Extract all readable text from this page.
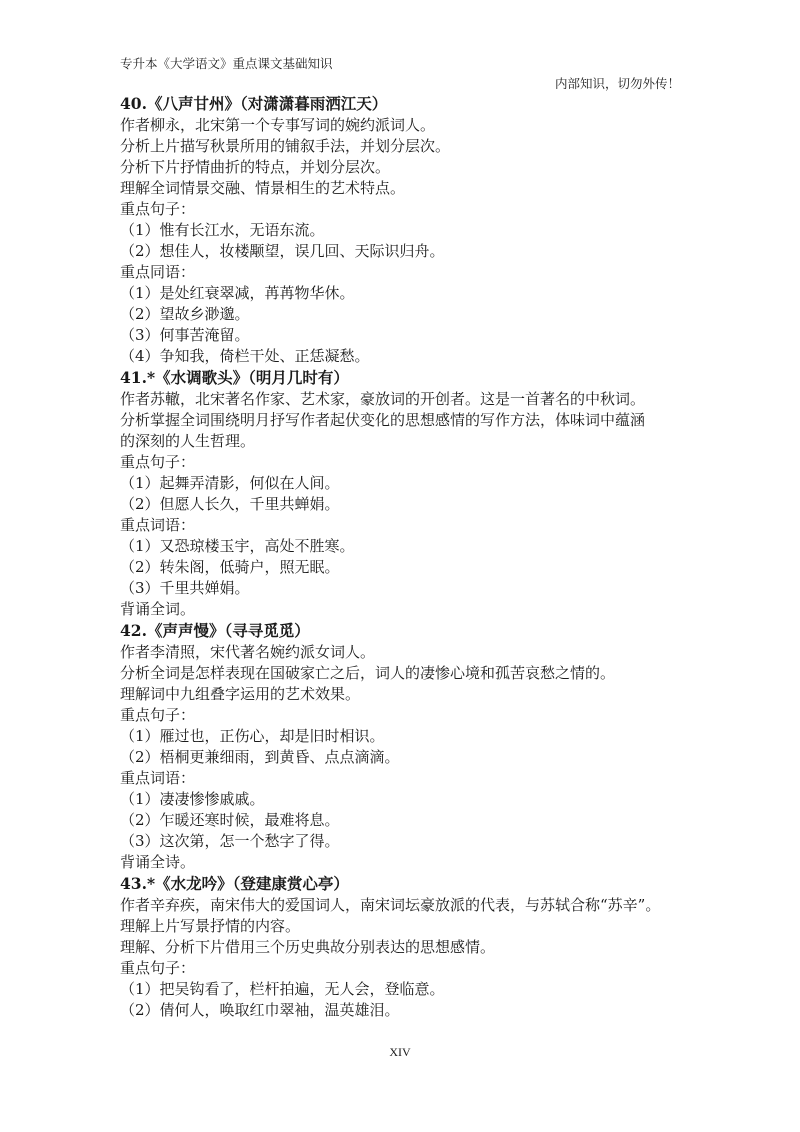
专升本《大学语文》重点课文基础知识
内部知识，切勿外传！
40.《八声甘州》（对潇潇暮雨洒江天）
作者柳永，北宋第一个专事写词的婉约派词人。
分析上片描写秋景所用的铺叙手法，并划分层次。
分析下片抒情曲折的特点，并划分层次。
理解全词情景交融、情景相生的艺术特点。
重点句子：
（1）惟有长江水，无语东流。
（2）想佳人，妆楼颙望，误几回、天际识归舟。
重点同语：
（1）是处红衰翠减，苒苒物华休。
（2）望故乡渺邈。
（3）何事苦淹留。
（4）争知我，倚栏干处、正恁凝愁。
41.*《水调歌头》（明月几时有）
作者苏轍，北宋著名作家、艺术家，豪放词的开创者。这是一首著名的中秋词。
分析掌握全词围绕明月抒写作者起伏变化的思想感情的写作方法，体味词中蕴涵
的深刻的人生哲理。
重点句子：
（1）起舞弄清影，何似在人间。
（2）但愿人长久，千里共蝉娟。
重点词语：
（1）又恐琼楼玉宇，高处不胜寒。
（2）转朱阁，低骑户，照无眠。
（3）千里共婵娟。
背诵全词。
42.《声声慢》（寻寻觅觅）
作者李清照，宋代著名婉约派女词人。
分析全词是怎样表现在国破家亡之后，词人的凄惨心境和孤苦哀愁之情的。
理解词中九组叠字运用的艺术效果。
重点句子：
（1）雁过也，正伤心，却是旧时相识。
（2）梧桐更兼细雨，到黄昏、点点滴滴。
重点词语：
（1）凄凄惨惨戚戚。
（2）乍暖还寒时候，最难将息。
（3）这次第，怎一个愁字了得。
背诵全诗。
43.*《水龙吟》（登建康赏心亭）
作者辛弃疾，南宋伟大的爱国词人，南宋词坛豪放派的代表，与苏轼合称“苏辛”。
理解上片写景抒情的内容。
理解、分析下片借用三个历史典故分别表达的思想感情。
重点句子：
（1）把吴钩看了，栏杆拍遍，无人会，登临意。
（2）倩何人，唤取红巾翠袖，温英雄泪。
XIV
